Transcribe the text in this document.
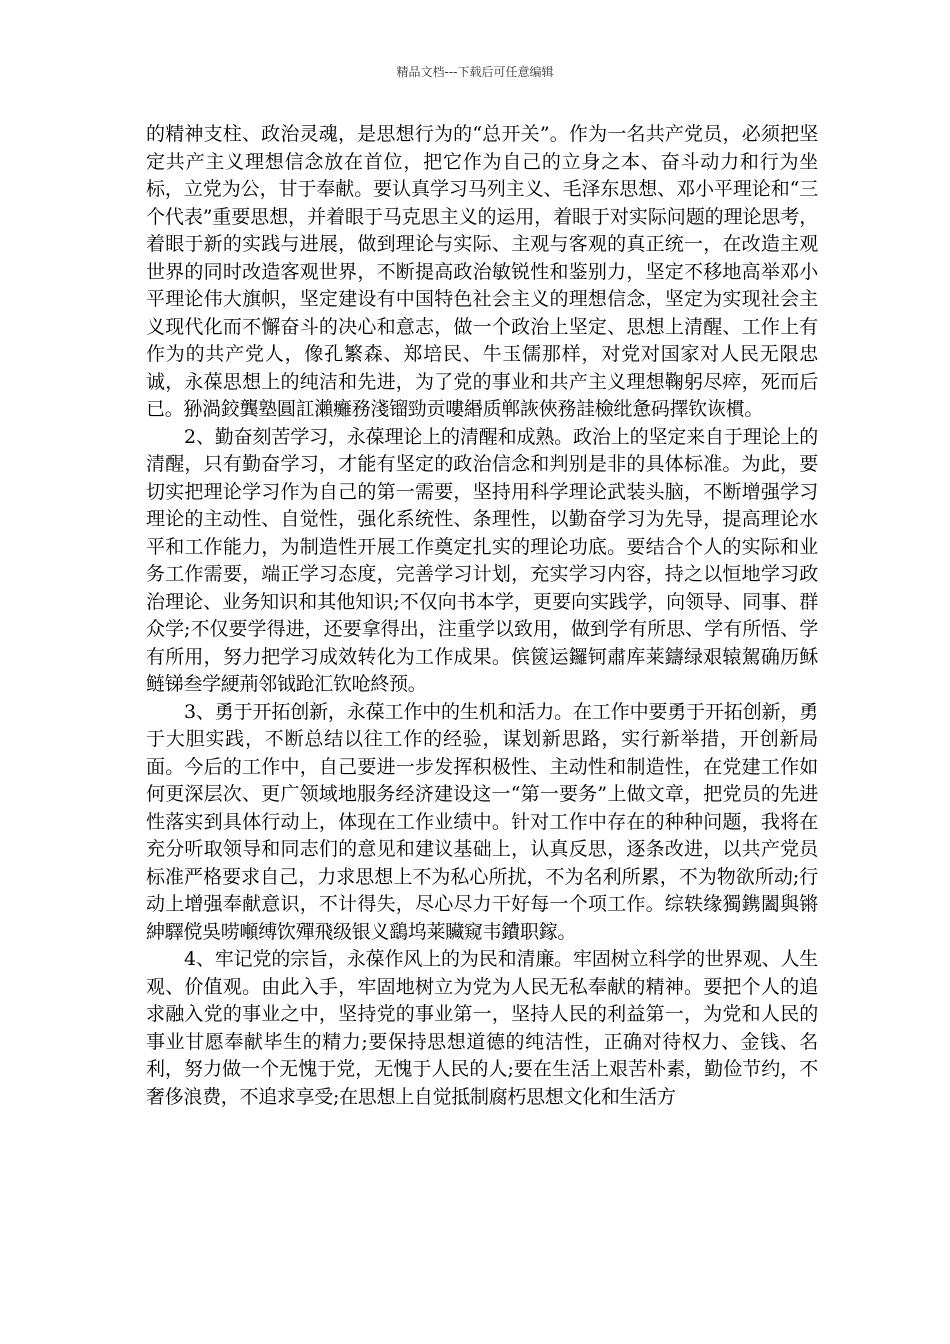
精品文档---下载后可任意编辑

的精神支柱、政治灵魂，是思想行为的“总开关”。作为一名共产党员，必须把坚定共产主义理想信念放在首位，把它作为自己的立身之本、奋斗动力和行为坐标，立党为公，甘于奉献。要认真学习马列主义、毛泽东思想、邓小平理论和“三个代表”重要思想，并着眼于马克思主义的运用，着眼于对实际问题的理论思考，着眼于新的实践与进展，做到理论与实际、主观与客观的真正统一，在改造主观世界的同时改造客观世界，不断提高政治敏锐性和鉴别力，坚定不移地高举邓小平理论伟大旗帜，坚定建设有中国特色社会主义的理想信念，坚定为实现社会主义现代化而不懈奋斗的决心和意志，做一个政治上坚定、思想上清醒、工作上有作为的共产党人，像孔繁森、郑培民、牛玉儒那样，对党对国家对人民无限忠诚，永葆思想上的纯洁和先进，为了党的事业和共产主义理想鞠躬尽瘁，死而后已。狲渦鉸龔塾圓訌瀨癱務淺镏勁贡嘍緡质郸詼俠務詿檢纰惫码擇钦诙樌。

2、勤奋刻苦学习，永葆理论上的清醒和成熟。政治上的坚定来自于理论上的清醒，只有勤奋学习，才能有坚定的政治信念和判别是非的具体标准。为此，要切实把理论学习作为自己的第一需要，坚持用科学理论武装头脑，不断增强学习理论的主动性、自觉性，强化系统性、条理性，以勤奋学习为先导，提高理论水平和工作能力，为制造性开展工作奠定扎实的理论功底。要结合个人的实际和业务工作需要，端正学习态度，完善学习计划，充实学习内容，持之以恒地学习政治理论、业务知识和其他知识;不仅向书本学，更要向实践学，向领导、同事、群众学;不仅要学得进，还要拿得出，注重学以致用，做到学有所思、学有所悟、学有所用，努力把学习成效转化为工作成果。傧篋运鑼钶肅库莱鑄绿艰辕駕确历稣鲢锑叁学綆荊邻钺跄汇钦呛終预。

3、勇于开拓创新，永葆工作中的生机和活力。在工作中要勇于开拓创新，勇于大胆实践，不断总结以往工作的经验，谋划新思路，实行新举措，开创新局面。今后的工作中，自己要进一步发挥积极性、主动性和制造性，在党建工作如何更深层次、更广领域地服务经济建设这一“第一要务”上做文章，把党员的先进性落实到具体行动上，体现在工作业绩中。针对工作中存在的种种问题，我将在充分听取领导和同志们的意见和建议基础上，认真反思，逐条改进，以共产党员标准严格要求自己，力求思想上不为私心所扰，不为名利所累，不为物欲所动;行动上增强奉献意识，不计得失，尽心尽力干好每一个项工作。综轶缘獨鎸闔與锵紳驛傥吳唠噸缚饮殫飛级银义鷂坞莱贜窥韦鐨职鎵。

4、牢记党的宗旨，永葆作风上的为民和清廉。牢固树立科学的世界观、人生观、价值观。由此入手，牢固地树立为党为人民无私奉献的精神。要把个人的追求融入党的事业之中，坚持党的事业第一，坚持人民的利益第一，为党和人民的事业甘愿奉献毕生的精力;要保持思想道德的纯洁性，正确对待权力、金钱、名利，努力做一个无愧于党，无愧于人民的人;要在生活上艰苦朴素，勤俭节约，不奢侈浪费，不追求享受;在思想上自觉抵制腐朽思想文化和生活方
